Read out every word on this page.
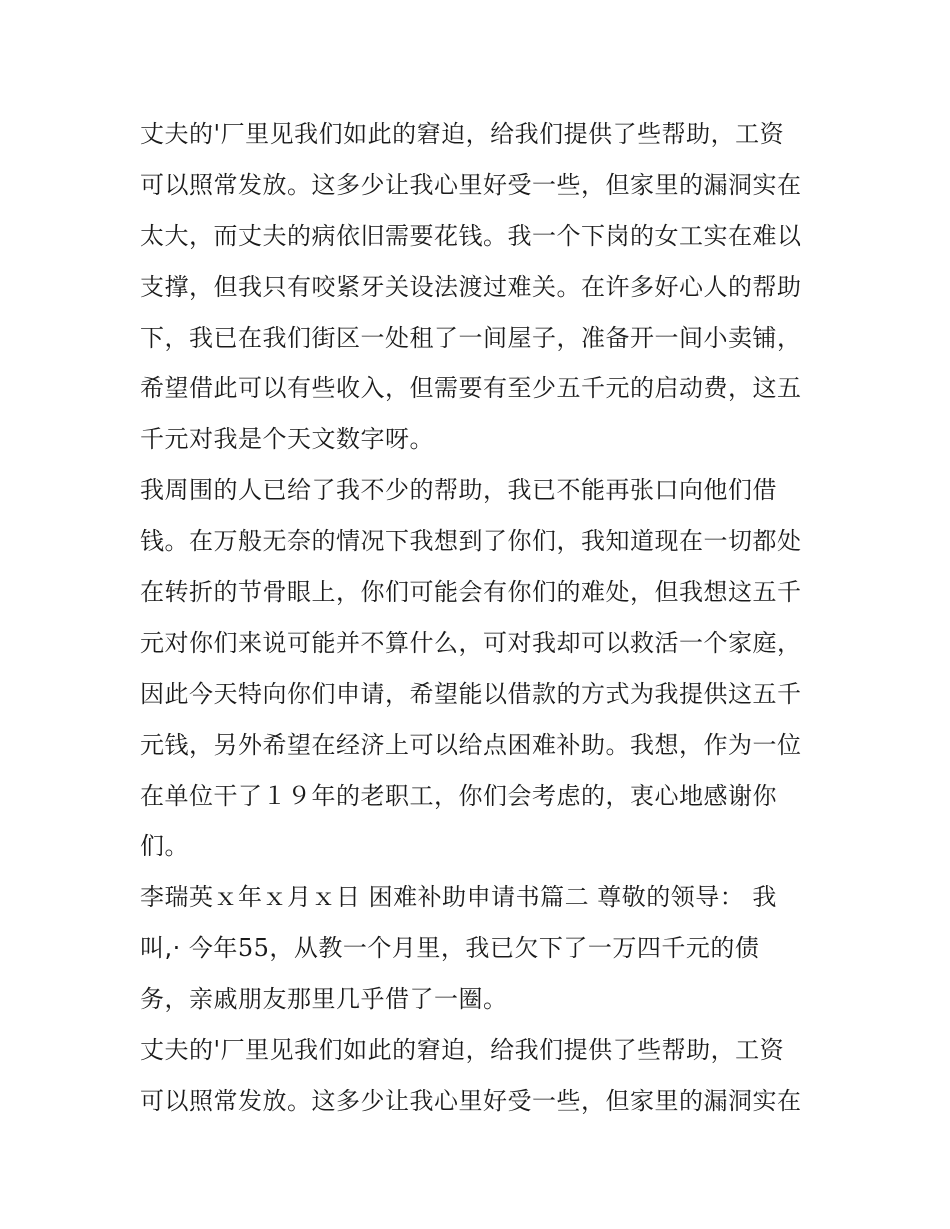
丈夫的'厂里见我们如此的窘迫，给我们提供了些帮助，工资
可以照常发放。这多少让我心里好受一些，但家里的漏洞实在
太大，而丈夫的病依旧需要花钱。我一个下岗的女工实在难以
支撑，但我只有咬紧牙关设法渡过难关。在许多好心人的帮助
下，我已在我们街区一处租了一间屋子，准备开一间小卖铺，
希望借此可以有些收入，但需要有至少五千元的启动费，这五
千元对我是个天文数字呀。
我周围的人已给了我不少的帮助，我已不能再张口向他们借
钱。在万般无奈的情况下我想到了你们，我知道现在一切都处
在转折的节骨眼上，你们可能会有你们的难处，但我想这五千
元对你们来说可能并不算什么，可对我却可以救活一个家庭，
因此今天特向你们申请，希望能以借款的方式为我提供这五千
元钱，另外希望在经济上可以给点困难补助。我想，作为一位
在单位干了１９年的老职工，你们会考虑的，衷心地感谢你
们。
李瑞英ｘ年ｘ月ｘ日 困难补助申请书篇二 尊敬的领导： 我
叫,· 今年55，从教一个月里，我已欠下了一万四千元的债
务，亲戚朋友那里几乎借了一圈。
丈夫的'厂里见我们如此的窘迫，给我们提供了些帮助，工资
可以照常发放。这多少让我心里好受一些，但家里的漏洞实在
